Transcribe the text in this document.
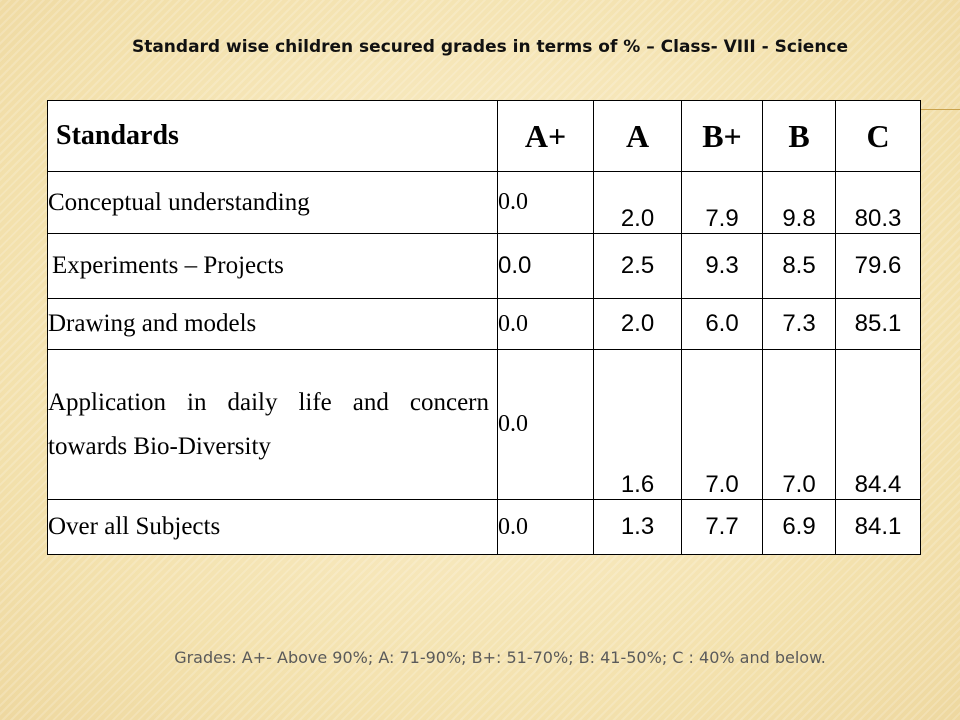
Standard wise children secured grades in terms of % – Class- VIII - Science
Standards	A+	A	B+	B	C
Conceptual understanding	0.0	2.0	7.9	9.8	80.3
Experiments – Projects	0.0	2.5	9.3	8.5	79.6
Drawing and models	0.0	2.0	6.0	7.3	85.1
Application in daily life and concern towards Bio-Diversity	0.0	1.6	7.0	7.0	84.4
Over all Subjects	0.0	1.3	7.7	6.9	84.1
Grades: A+- Above 90%; A: 71-90%; B+: 51-70%; B: 41-50%; C : 40% and below.
